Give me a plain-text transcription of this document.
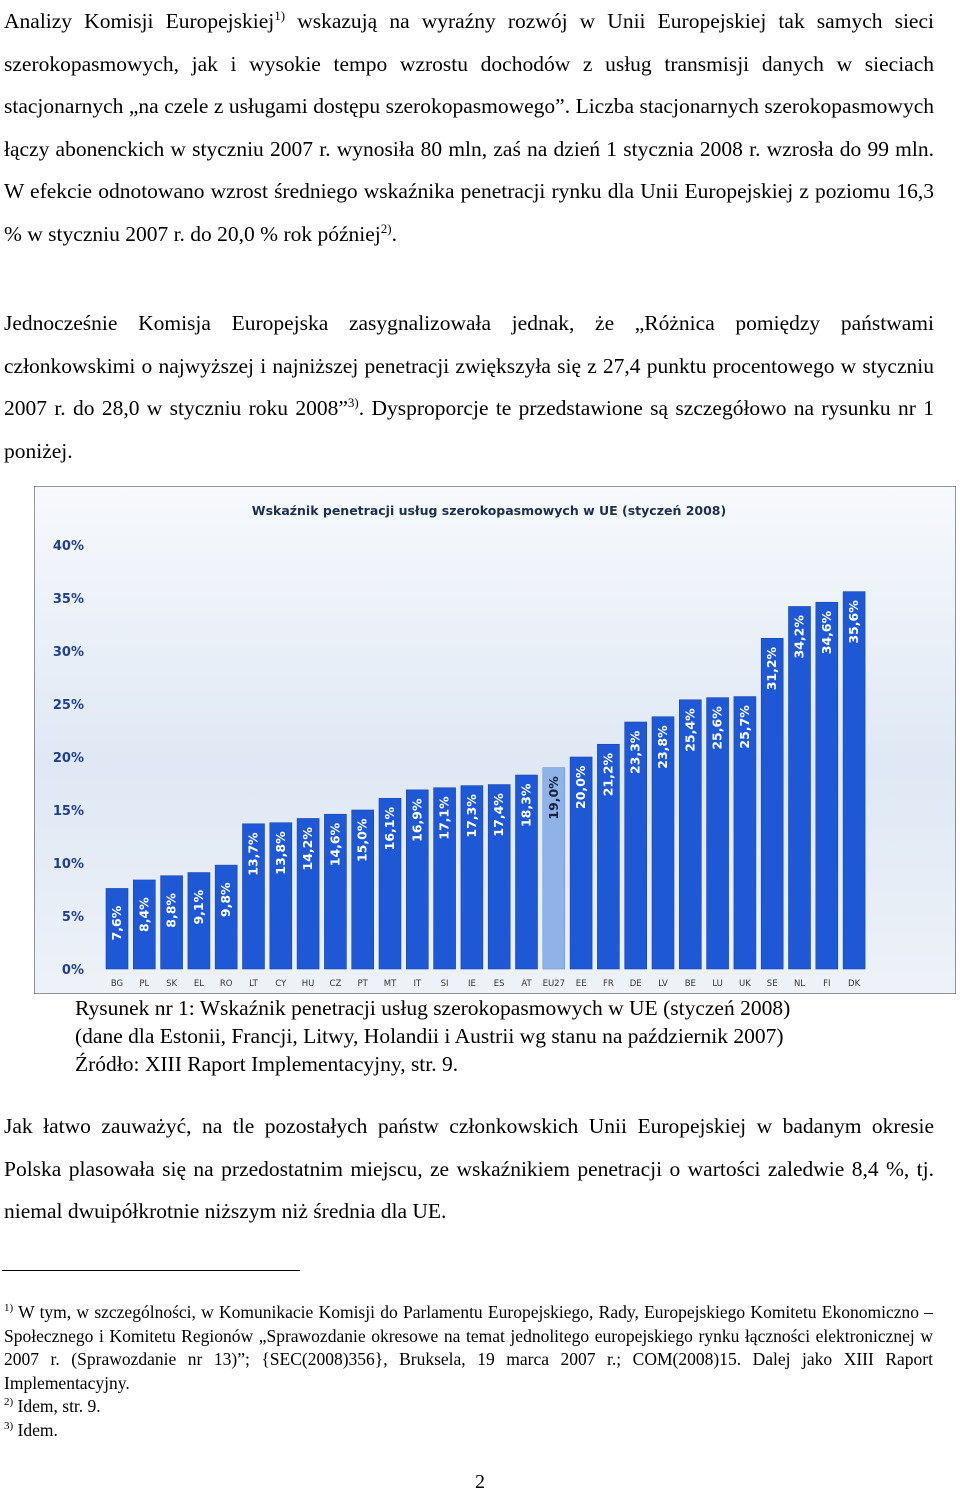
Analizy Komisji Europejskiej$^{1)}$ wskazują na wyraźny rozwój w Unii Europejskiej tak samych sieci szerokopasmowych, jak i wysokie tempo wzrostu dochodów z usług transmisji danych w sieciach stacjonarnych „na czele z usługami dostępu szerokopasmowego”. Liczba stacjonarnych szerokopasmowych łączy abonenckich w styczniu 2007 r. wynosiła 80 mln, zaś na dzień 1 stycznia 2008 r. wzrosła do 99 mln. W efekcie odnotowano wzrost średniego wskaźnika penetracji rynku dla Unii Europejskiej z poziomu 16,3 % w styczniu 2007 r. do 20,0 % rok później$^{2)}$.

Jednocześnie Komisja Europejska zasygnalizowała jednak, że „Różnica pomiędzy państwami członkowskimi o najwyższej i najniższej penetracji zwiększyła się z 27,4 punktu procentowego w styczniu 2007 r. do 28,0 w styczniu roku 2008”$^{3)}$. Dysproporcje te przedstawione są szczegółowo na rysunku nr 1 poniżej.

Wskaźnik penetracji usług szerokopasmowych w UE (styczeń 2008)
0%
5%
10%
15%
20%
25%
30%
35%
40%
7,6% 8,4% 8,8% 9,1% 9,8%
13,7% 13,8% 14,2% 14,6% 15,0% 16,1% 16,9% 17,1% 17,3% 17,4% 18,3% 19,0% 20,0% 21,2%
23,3% 23,8% 25,4% 25,6% 25,7%
31,2%
34,2% 34,6% 35,6%
BG PL SK EL RO LT CY HU CZ PT MT IT SI IE ES AT EU27 EE FR DE LV BE LU UK SE NL FI DK
Rysunek nr 1: Wskaźnik penetracji usług szerokopasmowych w UE (styczeń 2008)
(dane dla Estonii, Francji, Litwy, Holandii i Austrii wg stanu na październik 2007)
Źródło: XIII Raport Implementacyjny, str. 9.

Jak łatwo zauważyć, na tle pozostałych państw członkowskich Unii Europejskiej w badanym okresie Polska plasowała się na przedostatnim miejscu, ze wskaźnikiem penetracji o wartości zaledwie 8,4 %, tj. niemal dwuipółkrotnie niższym niż średnia dla UE.

$^{1)}$ W tym, w szczególności, w Komunikacie Komisji do Parlamentu Europejskiego, Rady, Europejskiego Komitetu Ekonomiczno – Społecznego i Komitetu Regionów „Sprawozdanie okresowe na temat jednolitego europejskiego rynku łączności elektronicznej w 2007 r. (Sprawozdanie nr 13)”; {SEC(2008)356}, Bruksela, 19 marca 2007 r.; COM(2008)15. Dalej jako XIII Raport Implementacyjny.

$^{2)}$ Idem, str. 9.

$^{3)}$ Idem.

2
